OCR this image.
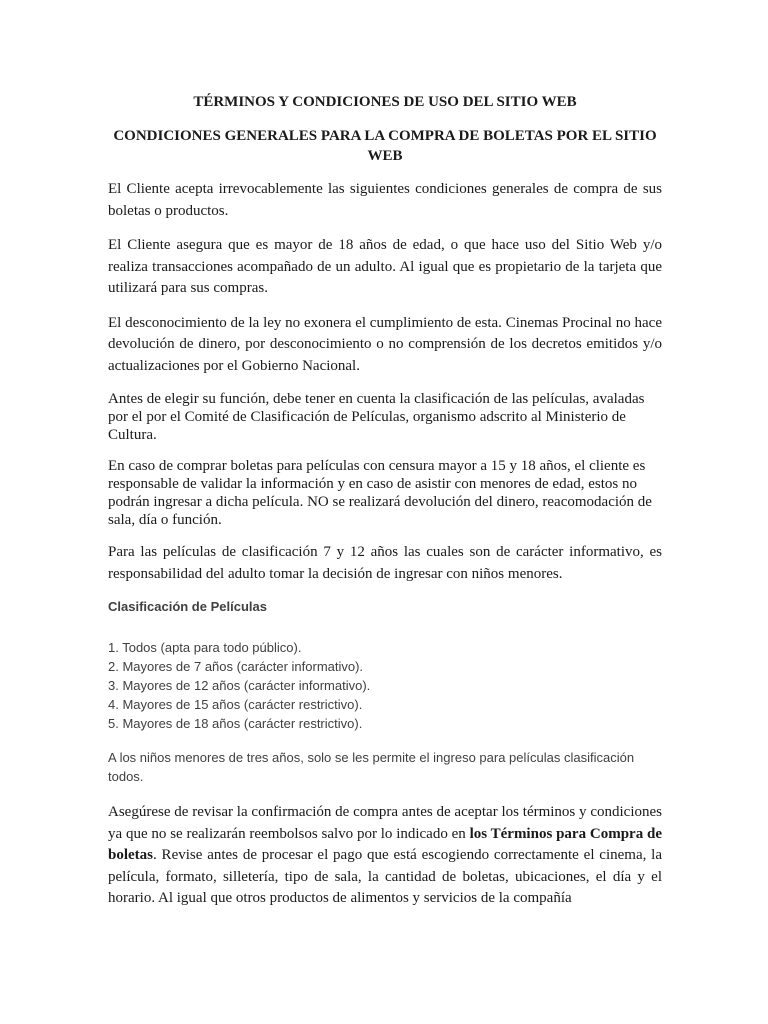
TÉRMINOS Y CONDICIONES DE USO DEL SITIO WEB
CONDICIONES GENERALES PARA LA COMPRA DE BOLETAS POR EL SITIO WEB

El Cliente acepta irrevocablemente las siguientes condiciones generales de compra de sus boletas o productos.

El Cliente asegura que es mayor de 18 años de edad, o que hace uso del Sitio Web y/o realiza transacciones acompañado de un adulto. Al igual que es propietario de la tarjeta que utilizará para sus compras.

El desconocimiento de la ley no exonera el cumplimiento de esta. Cinemas Procinal no hace devolución de dinero, por desconocimiento o no comprensión de los decretos emitidos y/o actualizaciones por el Gobierno Nacional.

Antes de elegir su función, debe tener en cuenta la clasificación de las películas, avaladas por el por el Comité de Clasificación de Películas, organismo adscrito al Ministerio de Cultura.

En caso de comprar boletas para películas con censura mayor a 15 y 18 años, el cliente es responsable de validar la información y en caso de asistir con menores de edad, estos no podrán ingresar a dicha película. NO se realizará devolución del dinero, reacomodación de sala, día o función.

Para las películas de clasificación 7 y 12 años las cuales son de carácter informativo, es responsabilidad del adulto tomar la decisión de ingresar con niños menores.

Clasificación de Películas
1. Todos (apta para todo público).
2. Mayores de 7 años (carácter informativo).
3. Mayores de 12 años (carácter informativo).
4. Mayores de 15 años (carácter restrictivo).
5. Mayores de 18 años (carácter restrictivo).
A los niños menores de tres años, solo se les permite el ingreso para películas clasificación todos.

Asegúrese de revisar la confirmación de compra antes de aceptar los términos y condiciones ya que no se realizarán reembolsos salvo por lo indicado en los Términos para Compra de boletas. Revise antes de procesar el pago que está escogiendo correctamente el cinema, la película, formato, silletería, tipo de sala, la cantidad de boletas, ubicaciones, el día y el horario. Al igual que otros productos de alimentos y servicios de la compañía
